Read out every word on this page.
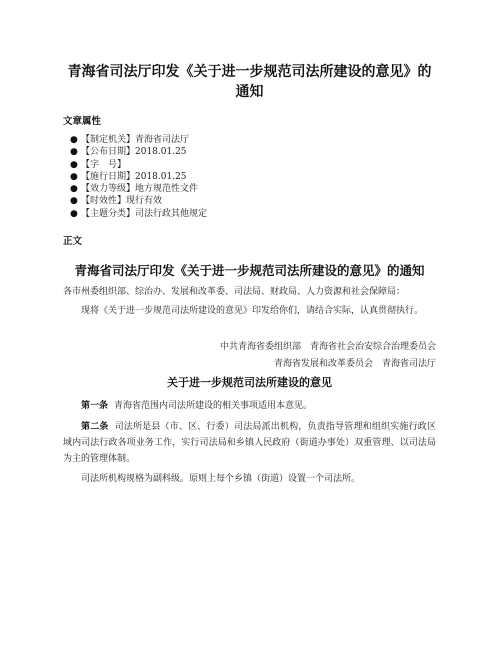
青海省司法厅印发《关于进一步规范司法所建设的意见》的通知
文章属性
● 【制定机关】青海省司法厅
● 【公布日期】2018.01.25
● 【字　号】
● 【施行日期】2018.01.25
● 【效力等级】地方规范性文件
● 【时效性】现行有效
● 【主题分类】司法行政其他规定
正文
青海省司法厅印发《关于进一步规范司法所建设的意见》的通知

各市州委组织部、综治办、发展和改革委、司法局、财政局、人力资源和社会保障局：

现将《关于进一步规范司法所建设的意见》印发给你们，请结合实际，认真贯彻执行。

中共青海省委组织部　青海省社会治安综合治理委员会
青海省发展和改革委员会　青海省司法厅
关于进一步规范司法所建设的意见

第一条 青海省范围内司法所建设的相关事项适用本意见。

第二条 司法所是县（市、区、行委）司法局派出机构，负责指导管理和组织实施行政区域内司法行政各项业务工作，实行司法局和乡镇人民政府（街道办事处）双重管理、以司法局为主的管理体制。

司法所机构规格为副科级。原则上每个乡镇（街道）设置一个司法所。
